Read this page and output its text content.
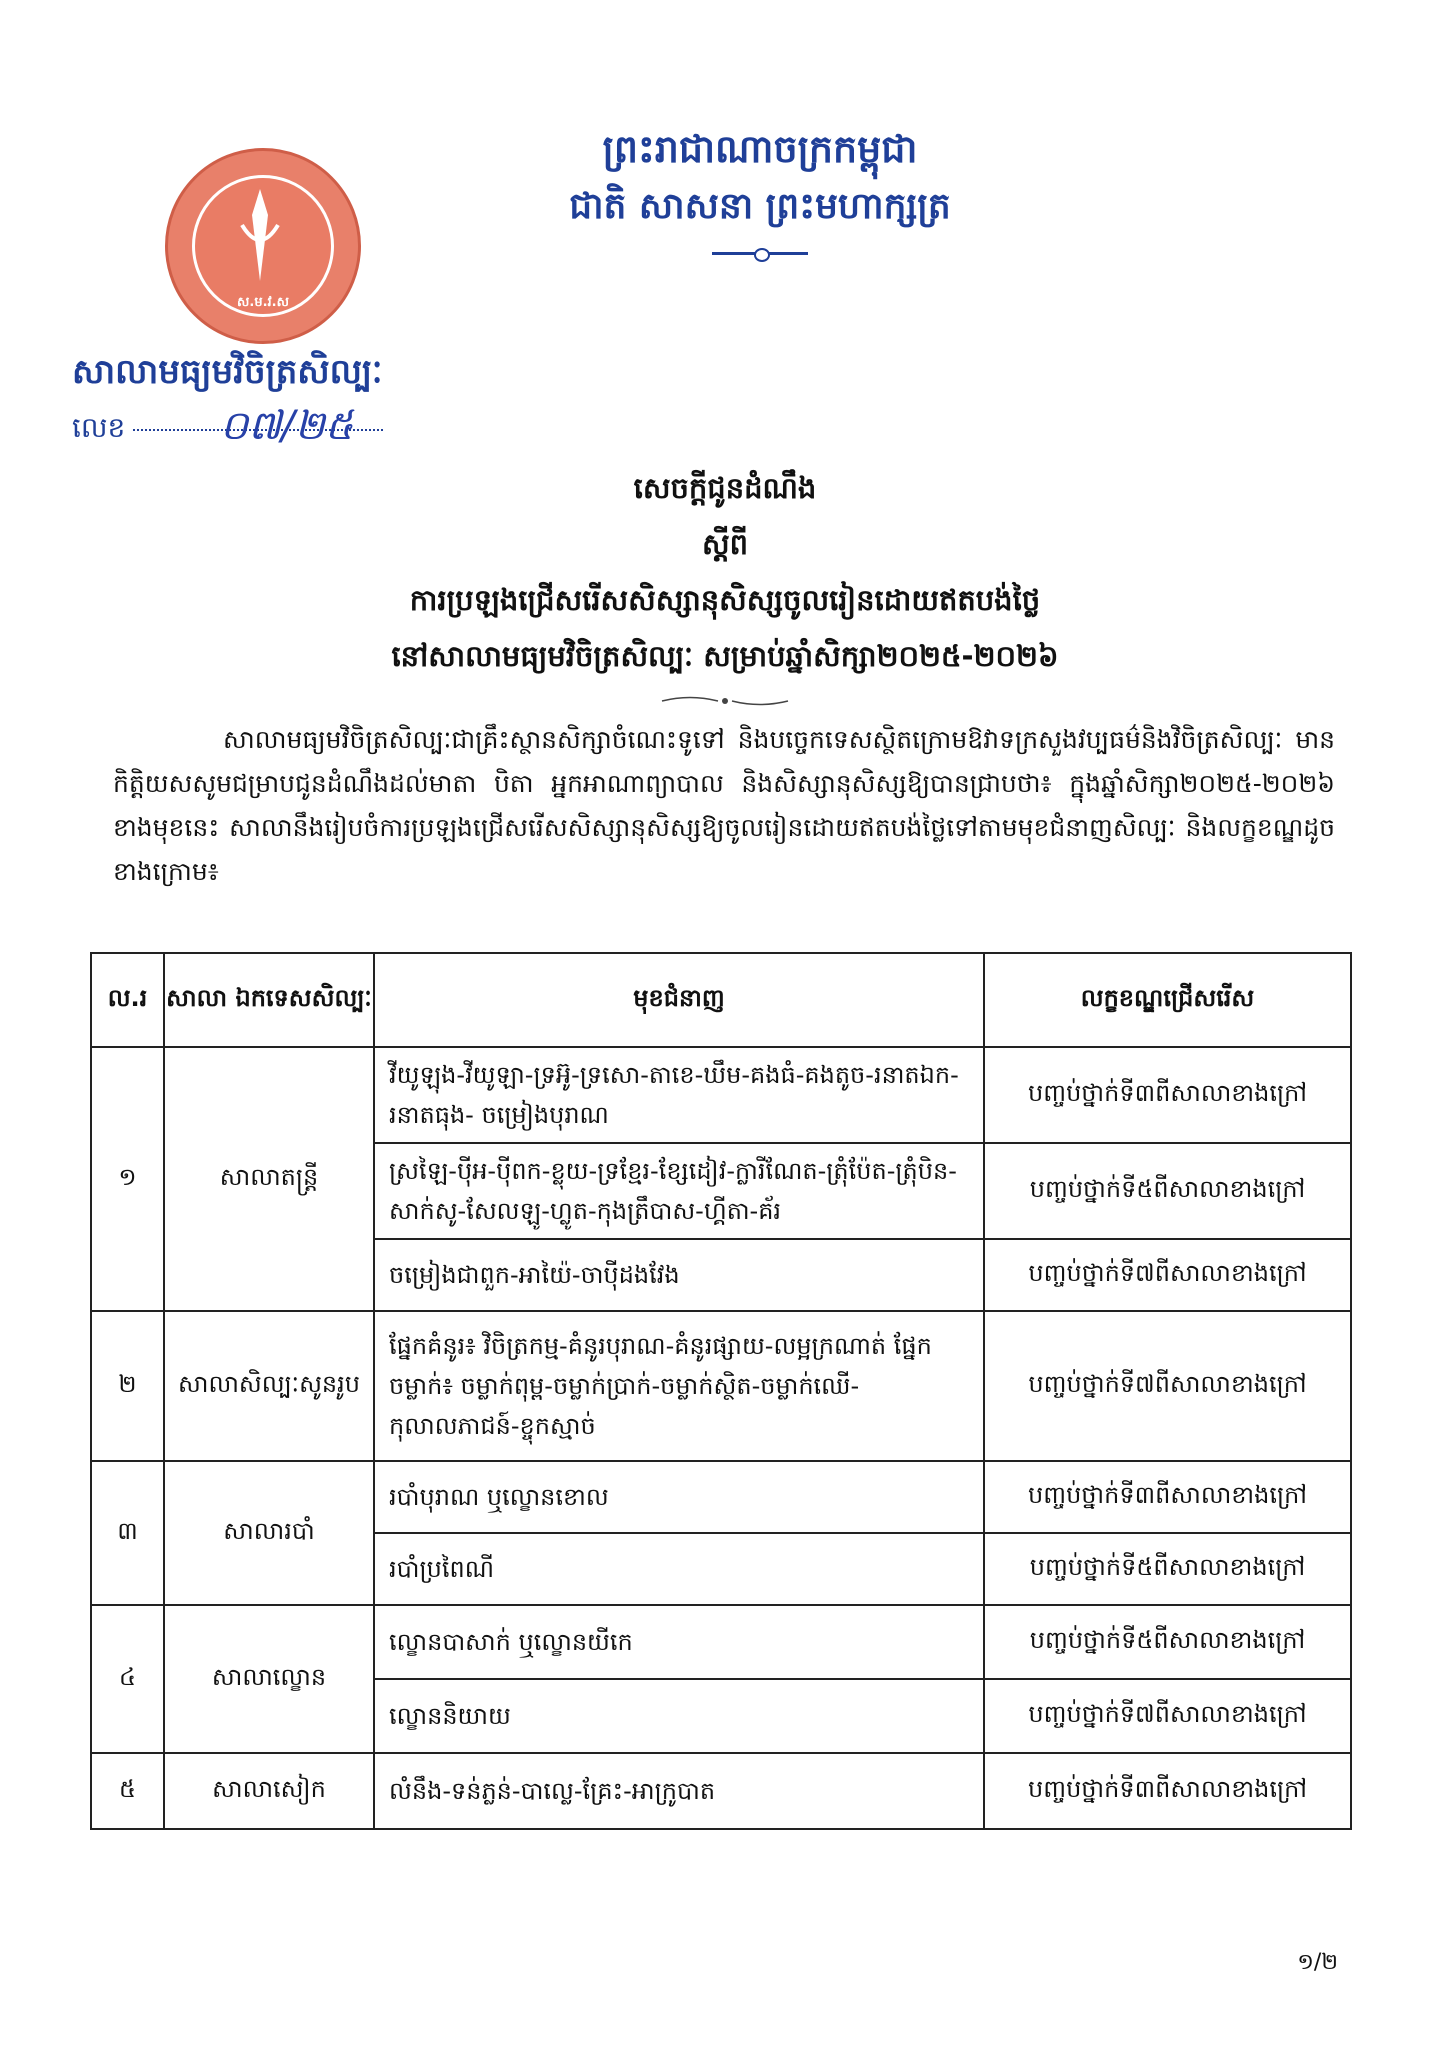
ព្រះរាជាណាចក្រកម្ពុជា
ជាតិ សាសនា ព្រះមហាក្សត្រ
ស.ម.វ.ស
សាលាមធ្យមវិចិត្រសិល្បៈ
លេខ	០៧/២៥
សេចក្ដីជូនដំណឹង
ស្ដីពី
ការប្រឡងជ្រើសរើសសិស្សានុសិស្សចូលរៀនដោយឥតបង់ថ្លៃ
នៅសាលាមធ្យមវិចិត្រសិល្បៈ សម្រាប់ឆ្នាំសិក្សា២០២៥-២០២៦
សាលាមធ្យមវិចិត្រសិល្បៈជាគ្រឹះស្ថានសិក្សាចំណេះទូទៅ និងបច្ចេកទេសស្ថិតក្រោមឱវាទក្រសួងវប្បធម៌និងវិចិត្រសិល្បៈ មានកិត្តិយសសូមជម្រាបជូនដំណឹងដល់មាតា បិតា អ្នកអាណាព្យាបាល និងសិស្សានុសិស្សឱ្យបានជ្រាបថា៖ ក្នុងឆ្នាំសិក្សា២០២៥-២០២៦ ខាងមុខនេះ សាលានឹងរៀបចំការប្រឡងជ្រើសរើសសិស្សានុសិស្សឱ្យចូលរៀនដោយឥតបង់ថ្លៃទៅតាមមុខជំនាញសិល្បៈ និងលក្ខខណ្ឌដូចខាងក្រោម៖
ល.រ	សាលា ឯកទេសសិល្បៈ	មុខជំនាញ	លក្ខខណ្ឌជ្រើសរើស
១	សាលាតន្ត្រី	វីយូឡុង-វីយូឡា-ទ្រអ៊ូ-ទ្រសោ-តាខេ-ឃឹម-គងធំ-គងតូច-រនាតឯក-រនាតធុង- ចម្រៀងបុរាណ	បញ្ចប់ថ្នាក់ទី៣ពីសាលាខាងក្រៅ
		ស្រឡៃ-ប៉ីអ-ប៉ីពក-ខ្លុយ-ទ្រខ្មែរ-ខ្សែដៀវ-ក្លារីណែត-ត្រុំប៉ែត-ត្រុំបិន-សាក់សូ-សែលឡូ-ហ្លូត-កុងត្រឹបាស-ហ្គីតា-គ័រ	បញ្ចប់ថ្នាក់ទី៥ពីសាលាខាងក្រៅ
		ចម្រៀងជាពួក-អាយ៉ៃ-ចាប៉ីដងវែង	បញ្ចប់ថ្នាក់ទី៧ពីសាលាខាងក្រៅ
២	សាលាសិល្បៈសូនរូប	ផ្នែកគំនូរ៖ វិចិត្រកម្ម-គំនូរបុរាណ-គំនូរផ្សាយ-លម្អក្រណាត់ ផ្នែកចម្លាក់៖ ចម្លាក់ពុម្ព-ចម្លាក់ប្រាក់-ចម្លាក់ស្ថិត-ចម្លាក់ឈើ-កុលាលភាជន៍-ខ្ចុកស្មាច់	បញ្ចប់ថ្នាក់ទី៧ពីសាលាខាងក្រៅ
៣	សាលារបាំ	របាំបុរាណ ឬល្ខោនខោល	បញ្ចប់ថ្នាក់ទី៣ពីសាលាខាងក្រៅ
		របាំប្រពៃណី	បញ្ចប់ថ្នាក់ទី៥ពីសាលាខាងក្រៅ
៤	សាលាល្ខោន	ល្ខោនបាសាក់ ឬល្ខោនយីកេ	បញ្ចប់ថ្នាក់ទី៥ពីសាលាខាងក្រៅ
		ល្ខោននិយាយ	បញ្ចប់ថ្នាក់ទី៧ពីសាលាខាងក្រៅ
៥	សាលាសៀក	លំនឹង-ទន់ភ្លន់-បាល្លេ-គ្រែះ-អាក្រូបាត	បញ្ចប់ថ្នាក់ទី៣ពីសាលាខាងក្រៅ
១/២
